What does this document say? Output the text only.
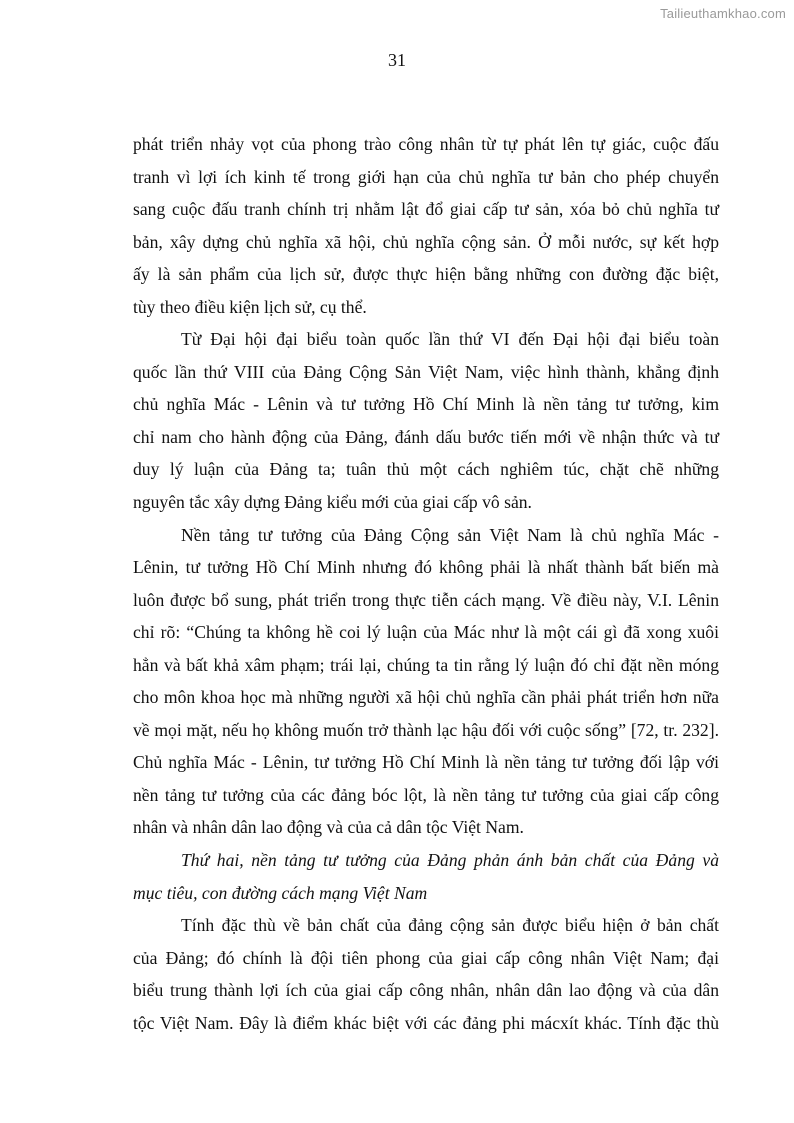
Tailieuthamkhao.com
31
phát triển nhảy vọt của phong trào công nhân từ tự phát lên tự giác, cuộc đấu
tranh vì lợi ích kinh tế trong giới hạn của chủ nghĩa tư bản cho phép chuyển
sang cuộc đấu tranh chính trị nhằm lật đổ giai cấp tư sản, xóa bỏ chủ nghĩa tư
bản, xây dựng chủ nghĩa xã hội, chủ nghĩa cộng sản. Ở mỗi nước, sự kết hợp
ấy là sản phẩm của lịch sử, được thực hiện bằng những con đường đặc biệt,
tùy theo điều kiện lịch sử, cụ thể.
Từ Đại hội đại biểu toàn quốc lần thứ VI đến Đại hội đại biểu toàn
quốc lần thứ VIII của Đảng Cộng Sản Việt Nam, việc hình thành, khẳng định
chủ nghĩa Mác - Lênin và tư tưởng Hồ Chí Minh là nền tảng tư tưởng, kim
chỉ nam cho hành động của Đảng, đánh dấu bước tiến mới về nhận thức và tư
duy lý luận của Đảng ta; tuân thủ một cách nghiêm túc, chặt chẽ những
nguyên tắc xây dựng Đảng kiểu mới của giai cấp vô sản.
Nền tảng tư tưởng của Đảng Cộng sản Việt Nam là chủ nghĩa Mác -
Lênin, tư tưởng Hồ Chí Minh nhưng đó không phải là nhất thành bất biến mà
luôn được bổ sung, phát triển trong thực tiễn cách mạng. Về điều này, V.I. Lênin
chỉ rõ: “Chúng ta không hề coi lý luận của Mác như là một cái gì đã xong xuôi
hẳn và bất khả xâm phạm; trái lại, chúng ta tin rằng lý luận đó chỉ đặt nền móng
cho môn khoa học mà những người xã hội chủ nghĩa cần phải phát triển hơn nữa
về mọi mặt, nếu họ không muốn trở thành lạc hậu đối với cuộc sống” [72, tr. 232].
Chủ nghĩa Mác - Lênin, tư tưởng Hồ Chí Minh là nền tảng tư tưởng đối lập với
nền tảng tư tưởng của các đảng bóc lột, là nền tảng tư tưởng của giai cấp công
nhân và nhân dân lao động và của cả dân tộc Việt Nam.
Thứ hai, nền tảng tư tưởng của Đảng phản ánh bản chất của Đảng và
mục tiêu, con đường cách mạng Việt Nam
Tính đặc thù về bản chất của đảng cộng sản được biểu hiện ở bản chất
của Đảng; đó chính là đội tiên phong của giai cấp công nhân Việt Nam; đại
biểu trung thành lợi ích của giai cấp công nhân, nhân dân lao động và của dân
tộc Việt Nam. Đây là điểm khác biệt với các đảng phi mácxít khác. Tính đặc thù
